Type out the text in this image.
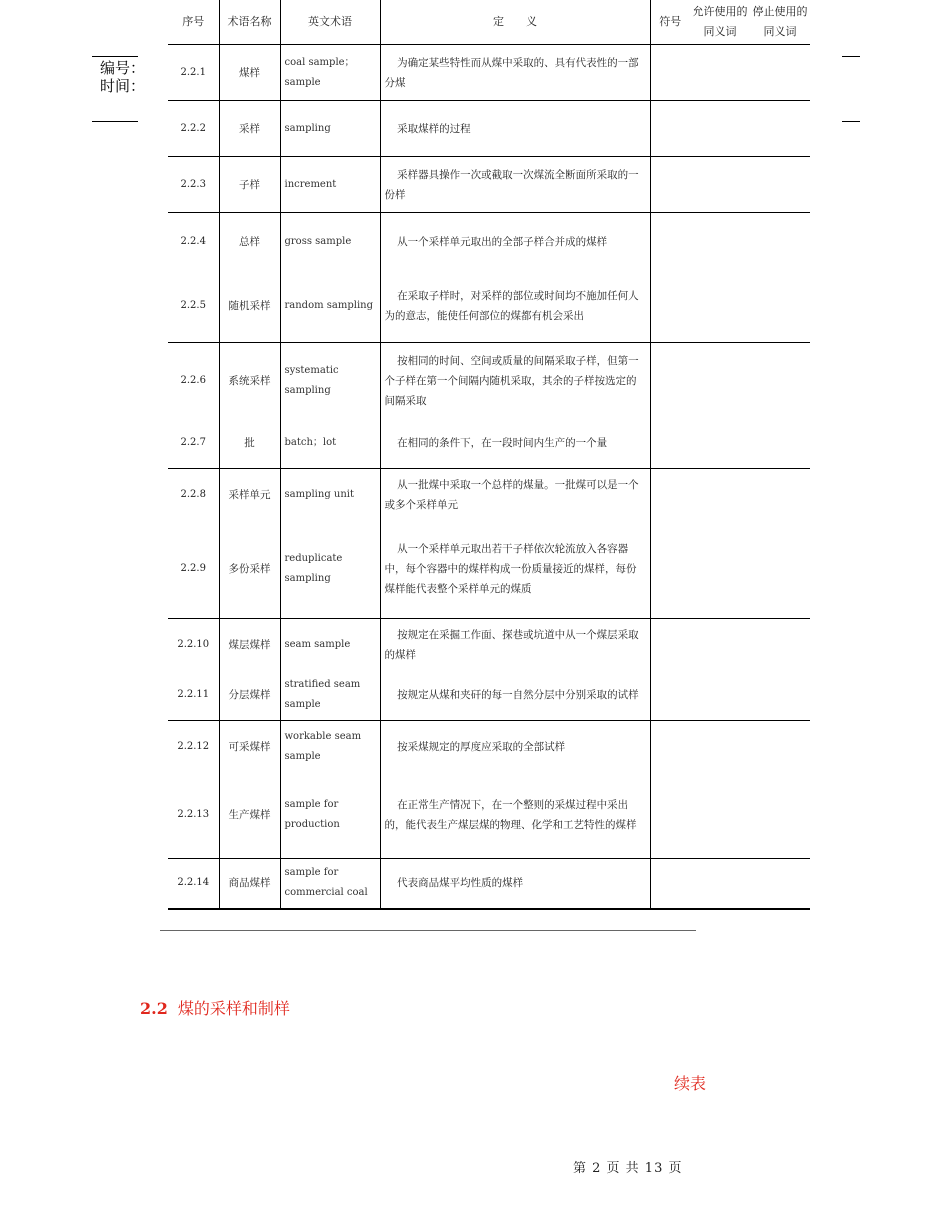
编号：
时间：
序号	术语名称	英文术语	定　　义	符号	允许使用的同义词	停止使用的同义词
2.2.1	煤样	coal sample；sample	为确定某些特性而从煤中采取的、具有代表性的一部分煤			
2.2.2	采样	sampling	采取煤样的过程			
2.2.3	子样	increment	采样器具操作一次或截取一次煤流全断面所采取的一份样			
2.2.4	总样	gross sample	从一个采样单元取出的全部子样合并成的煤样			
2.2.5	随机采样	random sampling	在采取子样时，对采样的部位或时间均不施加任何人为的意志，能使任何部位的煤都有机会采出			
2.2.6	系统采样	systematic sampling	按相同的时间、空间或质量的间隔采取子样，但第一个子样在第一个间隔内随机采取，其余的子样按选定的间隔采取			
2.2.7	批	batch；lot	在相同的条件下，在一段时间内生产的一个量			
2.2.8	采样单元	sampling unit	从一批煤中采取一个总样的煤量。一批煤可以是一个或多个采样单元			
2.2.9	多份采样	reduplicate sampling	从一个采样单元取出若干子样依次轮流放入各容器中，每个容器中的煤样构成一份质量接近的煤样，每份煤样能代表整个采样单元的煤质			
2.2.10	煤层煤样	seam sample	按规定在采掘工作面、探巷或坑道中从一个煤层采取的煤样			
2.2.11	分层煤样	stratified seam sample	按规定从煤和夹矸的每一自然分层中分别采取的试样			
2.2.12	可采煤样	workable seam sample	按采煤规定的厚度应采取的全部试样			
2.2.13	生产煤样	sample for production	在正常生产情况下，在一个整则的采煤过程中采出的，能代表生产煤层煤的物理、化学和工艺特性的煤样			
2.2.14	商品煤样	sample for commercial coal	代表商品煤平均性质的煤样			
2.2 煤的采样和制样
续表
第 2 页 共 13 页
